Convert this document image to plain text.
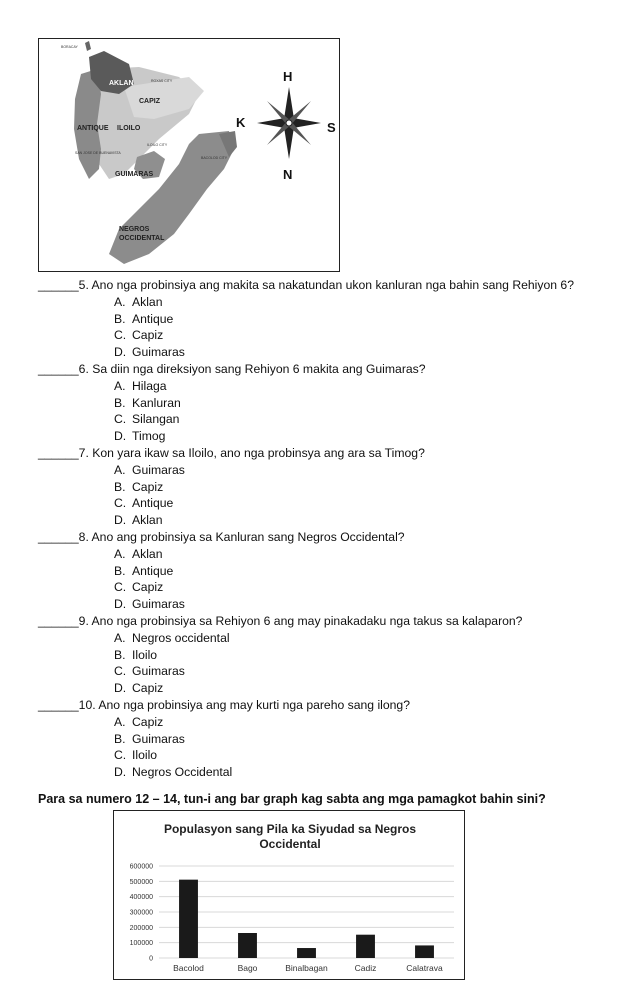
BORACAY
AKLAN	ROXAS CITY
CAPIZ
ANTIQUE ILOILO
ILOILO CITY
SAN JOSE DE BUENAVISTA
GUIMARAS
BACOLOD CITY
NEGROS
OCCIDENTAL
H
K	S
N
______5. Ano nga probinsiya ang makita sa nakatundan ukon kanluran nga bahin sang Rehiyon 6?
A. Aklan
B. Antique
C. Capiz
D. Guimaras
______6. Sa diin nga direksiyon sang Rehiyon 6 makita ang Guimaras?
A. Hilaga
B. Kanluran
C. Silangan
D. Timog
______7. Kon yara ikaw sa Iloilo, ano nga probinsya ang ara sa Timog?
A. Guimaras
B. Capiz
C. Antique
D. Aklan
______8. Ano ang probinsiya sa Kanluran sang Negros Occidental?
A. Aklan
B. Antique
C. Capiz
D. Guimaras
______9. Ano nga probinsiya sa Rehiyon 6 ang may pinakadaku nga takus sa kalaparon?
A. Negros occidental
B. Iloilo
C. Guimaras
D. Capiz
______10. Ano nga probinsiya ang may kurti nga pareho sang ilong?
A. Capiz
B. Guimaras
C. Iloilo
D. Negros Occidental
Para sa numero 12 – 14, tun-i ang bar graph kag sabta ang mga pamagkot bahin sini?
Populasyon sang Pila ka Siyudad sa Negros
Occidental
0
100000
200000
300000
400000
500000
600000
Bacolod	Bago	Binalbagan	Cadiz	Calatrava
